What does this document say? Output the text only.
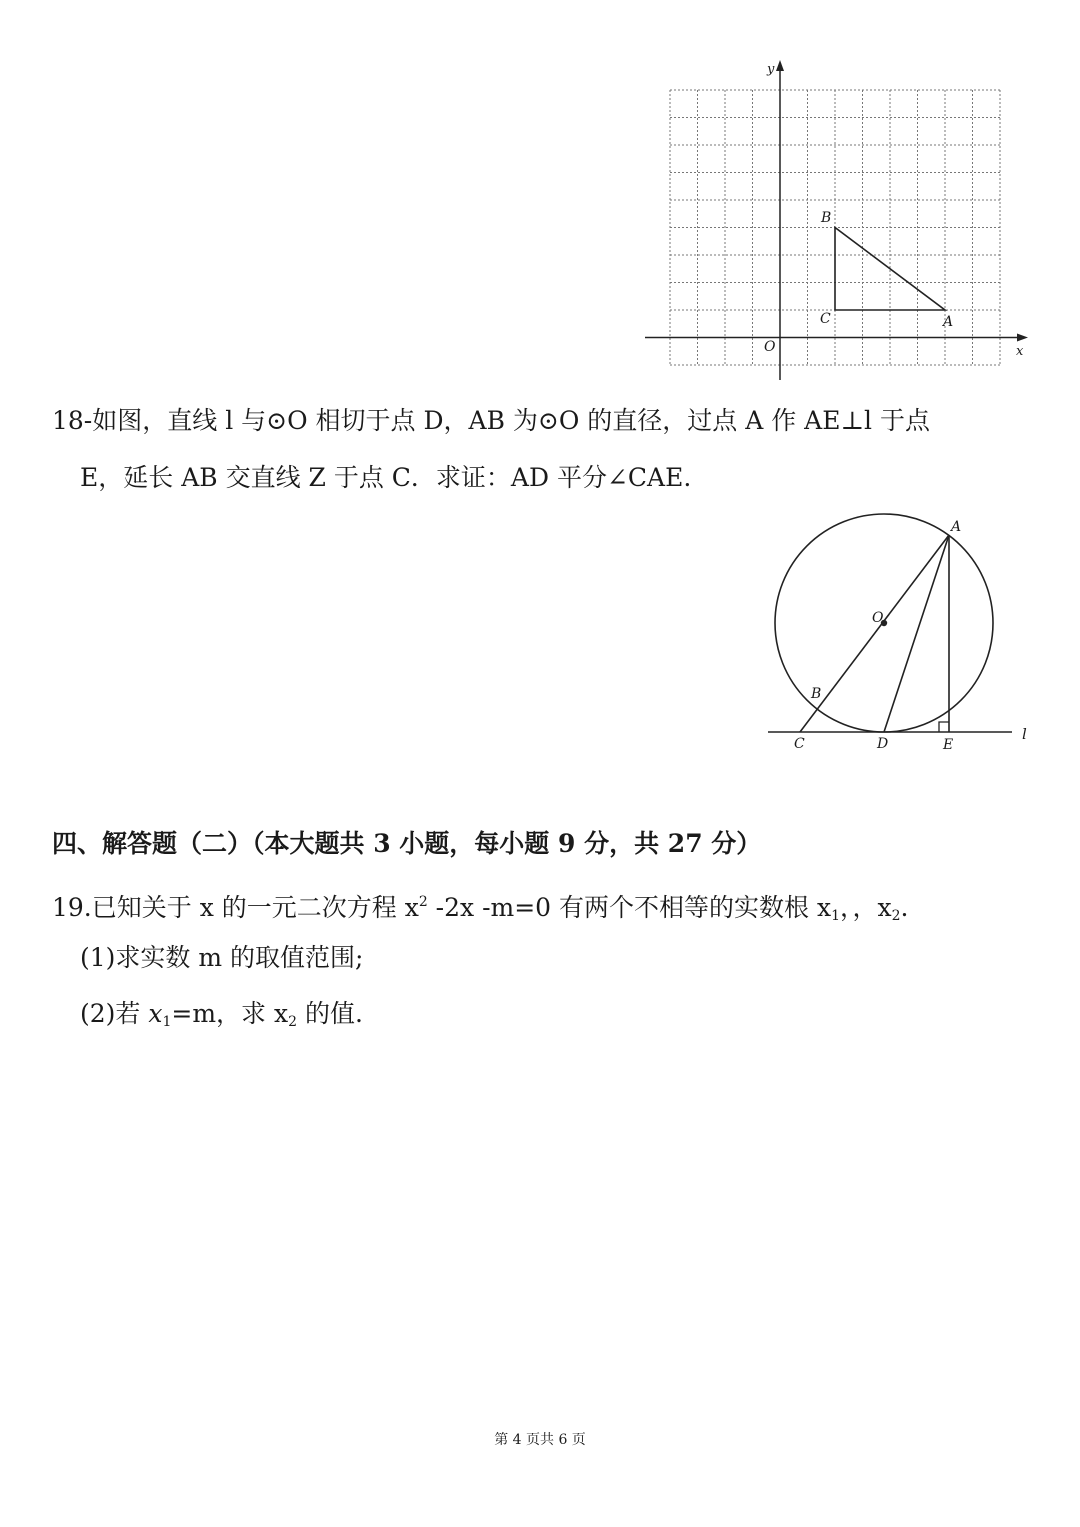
y
x
O
B
C	A
18-如图，直线 l 与⊙O 相切于点 D，AB 为⊙O 的直径，过点 A 作 AE⊥l 于点
E，延长 AB 交直线 Z 于点 C．求证：AD 平分∠CAE.
A
O
B
C	D	E
l
四、解答题（二）（本大题共 3 小题，每小题 9 分，共 27 分）
19.已知关于 x 的一元二次方程 $x^2$ -2x -m=0 有两个不相等的实数根 $x_1$，，$x_2$.
(1)求实数 m 的取值范围;
(2)若 $x_1=m$，求 $x_2$ 的值.
第 4 页共 6 页
